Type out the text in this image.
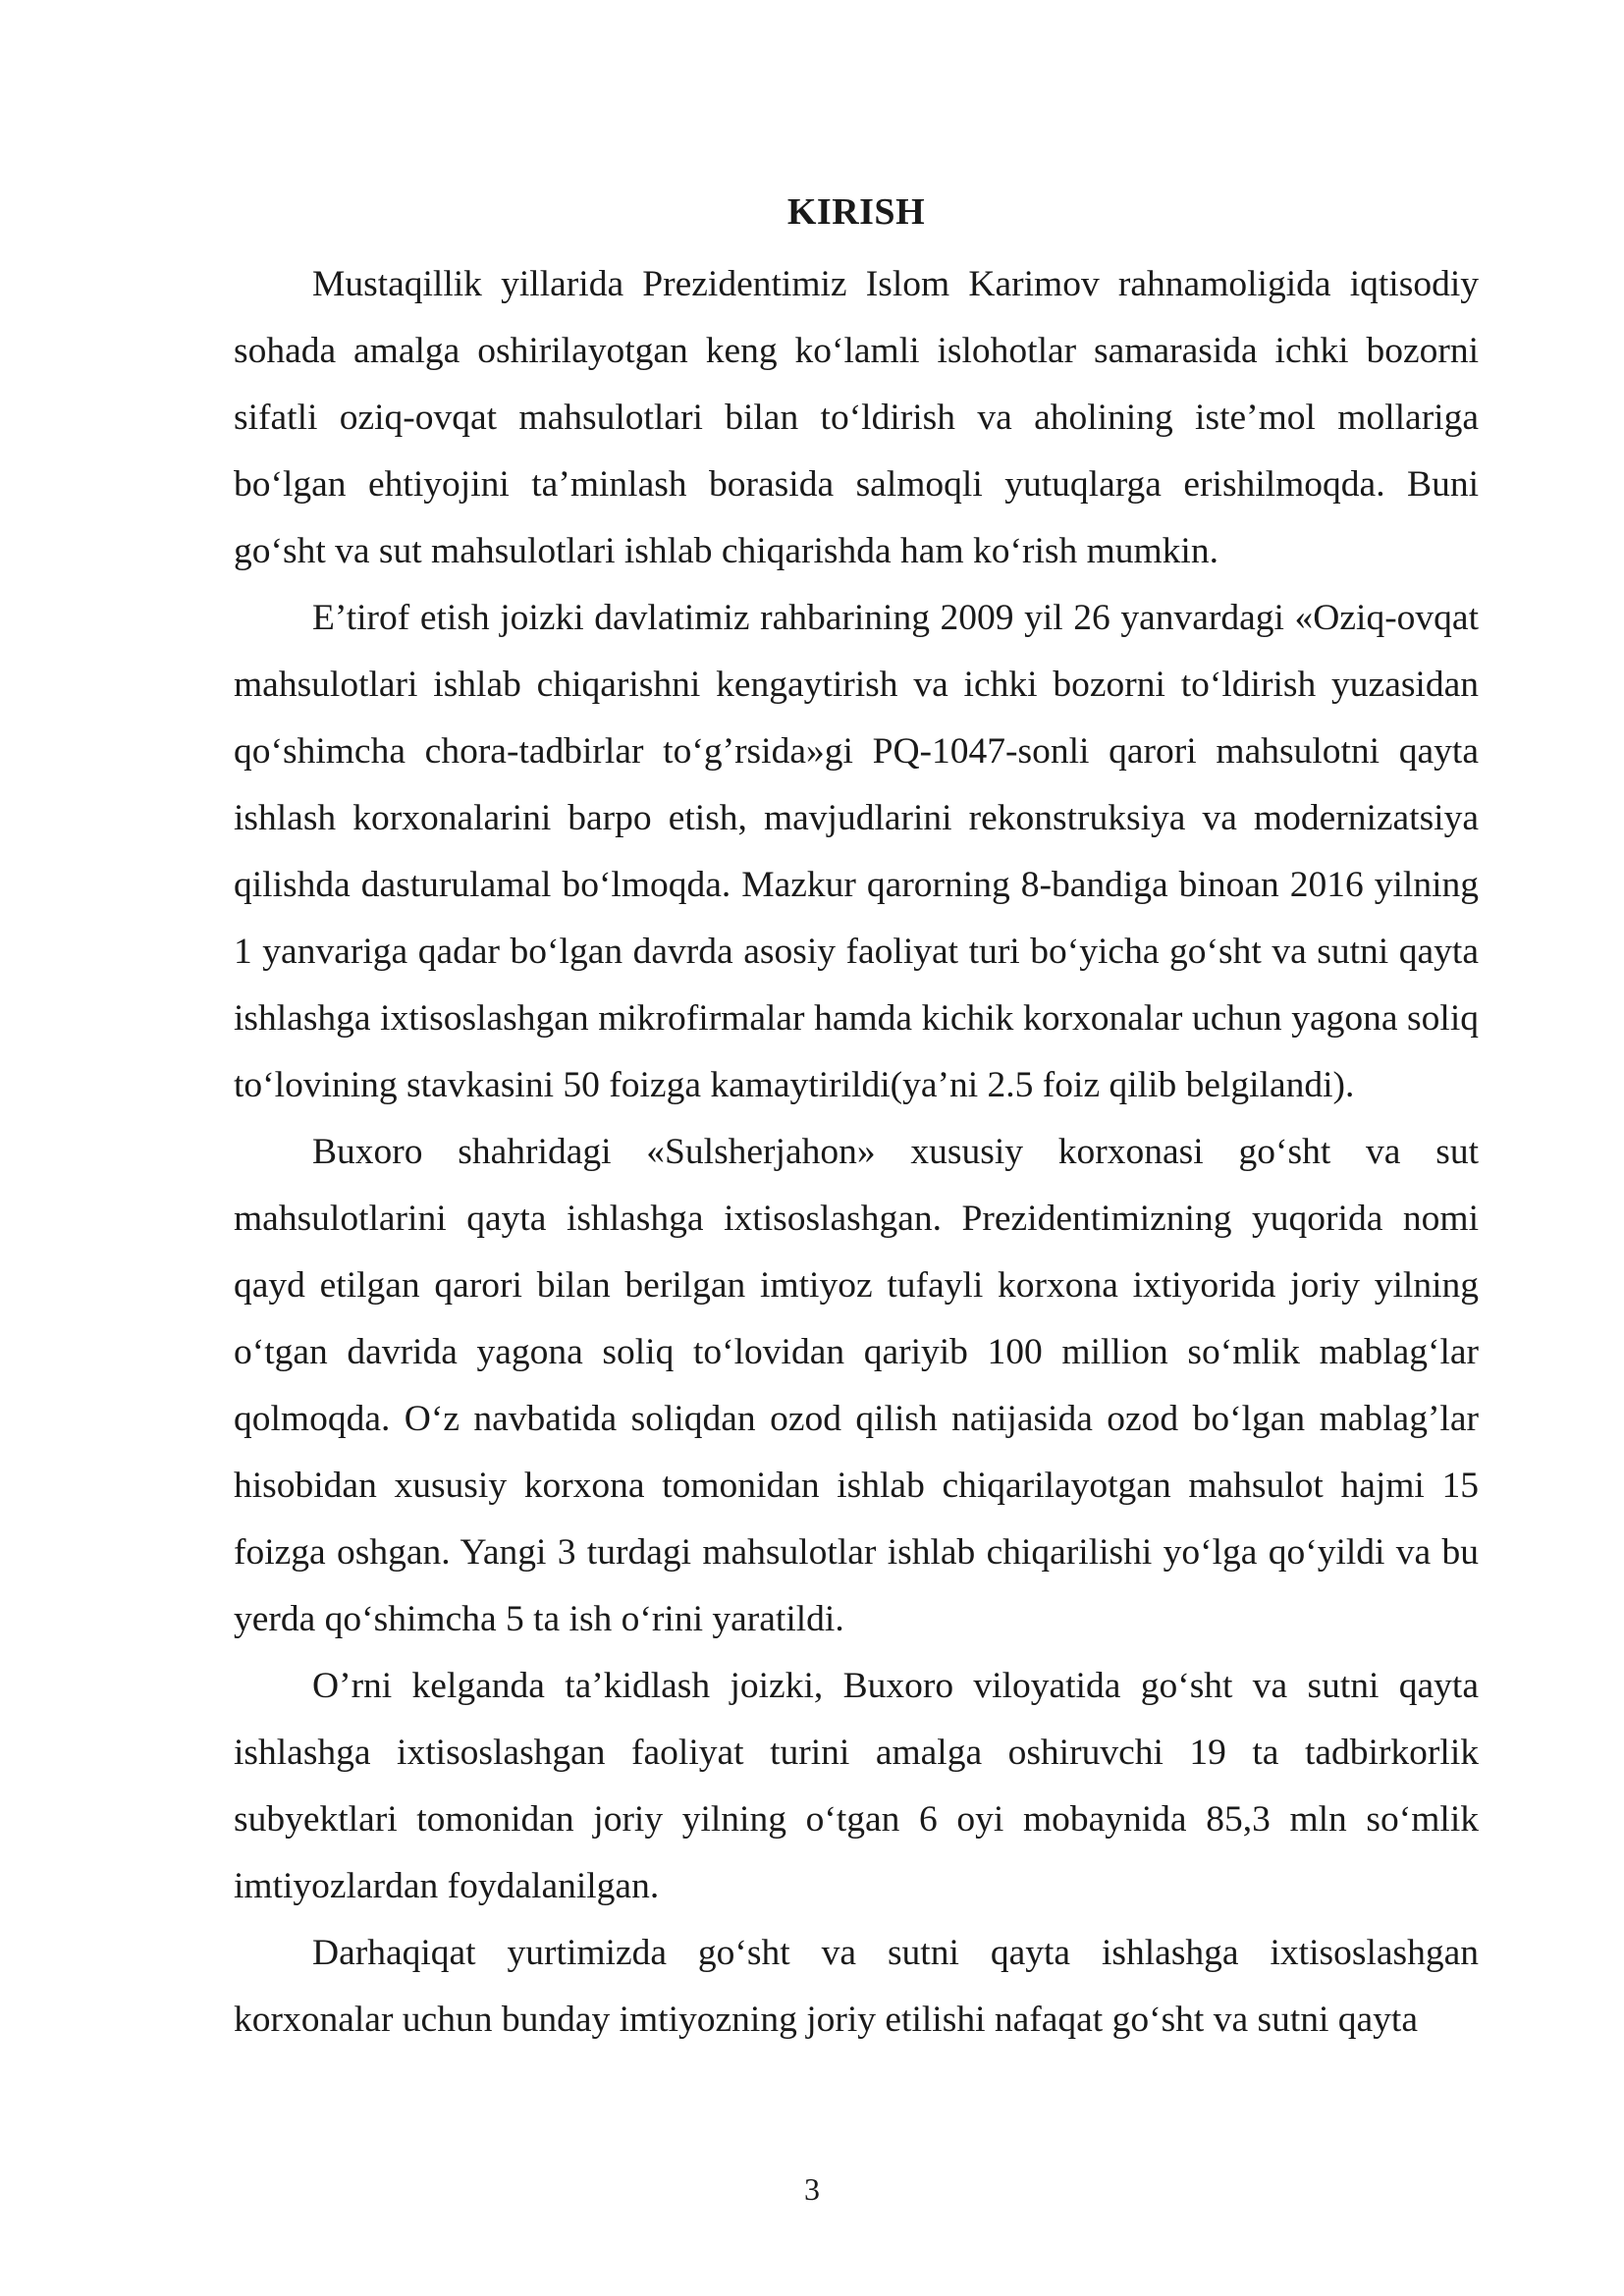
KIRISH

Mustaqillik yillarida Prezidentimiz Islom Karimov rahnamoligida iqtisodiy sohada amalga oshirilayotgan keng ko‘lamli islohotlar samarasida ichki bozorni sifatli oziq-ovqat mahsulotlari bilan to‘ldirish va aholining iste’mol mollariga bo‘lgan ehtiyojini ta’minlash borasida salmoqli yutuqlarga erishilmoqda. Buni go‘sht va sut mahsulotlari ishlab chiqarishda ham ko‘rish mumkin.

E’tirof etish joizki davlatimiz rahbarining 2009 yil 26 yanvardagi «Oziq-ovqat mahsulotlari ishlab chiqarishni kengaytirish va ichki bozorni to‘ldirish yuzasidan qo‘shimcha chora-tadbirlar to‘g’rsida»gi PQ-1047-sonli qarori mahsulotni qayta ishlash korxonalarini barpo etish, mavjudlarini rekonstruksiya va modernizatsiya qilishda dasturulamal bo‘lmoqda. Mazkur qarorning 8-bandiga binoan 2016 yilning 1 yanvariga qadar bo‘lgan davrda asosiy faoliyat turi bo‘yicha go‘sht va sutni qayta ishlashga ixtisoslashgan mikrofirmalar hamda kichik korxonalar uchun yagona soliq to‘lovining stavkasini 50 foizga kamaytirildi(ya’ni 2.5 foiz qilib belgilandi).

Buxoro shahridagi «Sulsherjahon» xususiy korxonasi go‘sht va sut mahsulotlarini qayta ishlashga ixtisoslashgan. Prezidentimizning yuqorida nomi qayd etilgan qarori bilan berilgan imtiyoz tufayli korxona ixtiyorida joriy yilning o‘tgan davrida yagona soliq to‘lovidan qariyib 100 million so‘mlik mablag‘lar qolmoqda. O‘z navbatida soliqdan ozod qilish natijasida ozod bo‘lgan mablag’lar hisobidan xususiy korxona tomonidan ishlab chiqarilayotgan mahsulot hajmi 15 foizga oshgan. Yangi 3 turdagi mahsulotlar ishlab chiqarilishi yo‘lga qo‘yildi va bu yerda qo‘shimcha 5 ta ish o‘rini yaratildi.

O’rni kelganda ta’kidlash joizki, Buxoro viloyatida go‘sht va sutni qayta ishlashga ixtisoslashgan faoliyat turini amalga oshiruvchi 19 ta tadbirkorlik subyektlari tomonidan joriy yilning o‘tgan 6 oyi mobaynida 85,3 mln so‘mlik imtiyozlardan foydalanilgan.

Darhaqiqat yurtimizda go‘sht va sutni qayta ishlashga ixtisoslashgan korxonalar uchun bunday imtiyozning joriy etilishi nafaqat go‘sht va sutni qayta

3
